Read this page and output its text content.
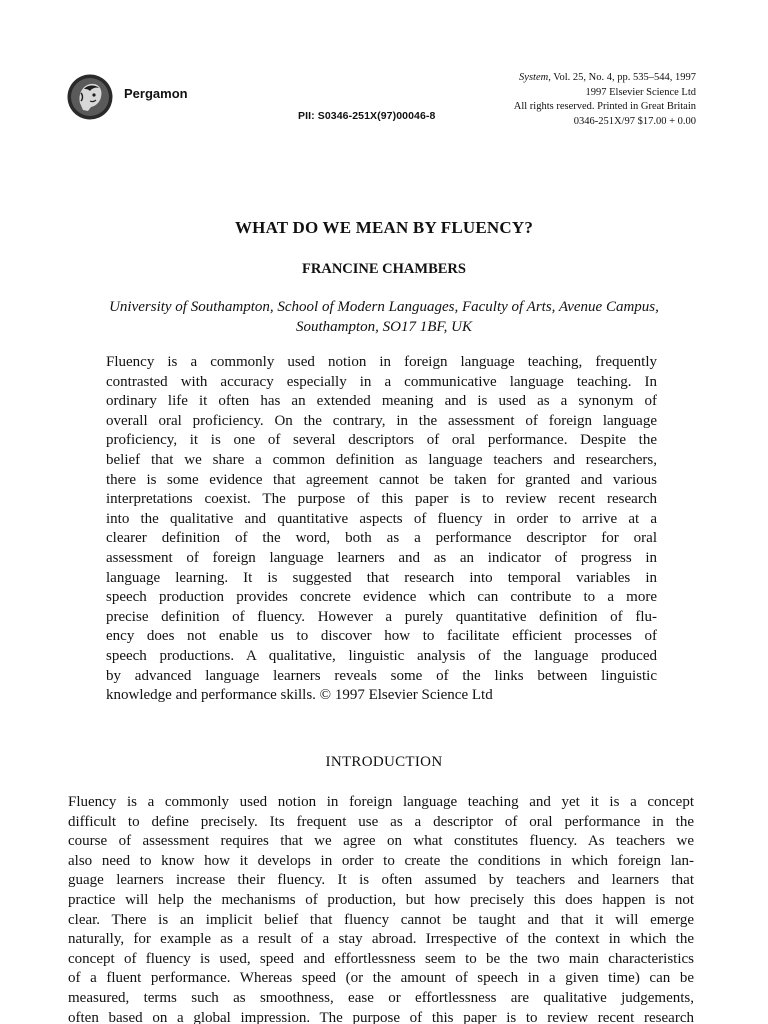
Pergamon
PII: S0346-251X(97)00046-8
System, Vol. 25, No. 4, pp. 535–544, 1997
1997 Elsevier Science Ltd
All rights reserved. Printed in Great Britain
0346-251X/97 $17.00 + 0.00
WHAT DO WE MEAN BY FLUENCY?
FRANCINE CHAMBERS
University of Southampton, School of Modern Languages, Faculty of Arts, Avenue Campus,
Southampton, SO17 1BF, UK
Fluency is a commonly used notion in foreign language teaching, frequently
contrasted with accuracy especially in a communicative language teaching. In
ordinary life it often has an extended meaning and is used as a synonym of
overall oral proficiency. On the contrary, in the assessment of foreign language
proficiency, it is one of several descriptors of oral performance. Despite the
belief that we share a common definition as language teachers and researchers,
there is some evidence that agreement cannot be taken for granted and various
interpretations coexist. The purpose of this paper is to review recent research
into the qualitative and quantitative aspects of fluency in order to arrive at a
clearer definition of the word, both as a performance descriptor for oral
assessment of foreign language learners and as an indicator of progress in
language learning. It is suggested that research into temporal variables in
speech production provides concrete evidence which can contribute to a more
precise definition of fluency. However a purely quantitative definition of flu-
ency does not enable us to discover how to facilitate efficient processes of
speech productions. A qualitative, linguistic analysis of the language produced
by advanced language learners reveals some of the links between linguistic
knowledge and performance skills. © 1997 Elsevier Science Ltd
INTRODUCTION
Fluency is a commonly used notion in foreign language teaching and yet it is a concept
difficult to define precisely. Its frequent use as a descriptor of oral performance in the
course of assessment requires that we agree on what constitutes fluency. As teachers we
also need to know how it develops in order to create the conditions in which foreign lan-
guage learners increase their fluency. It is often assumed by teachers and learners that
practice will help the mechanisms of production, but how precisely this does happen is not
clear. There is an implicit belief that fluency cannot be taught and that it will emerge
naturally, for example as a result of a stay abroad. Irrespective of the context in which the
concept of fluency is used, speed and effortlessness seem to be the two main characteristics
of a fluent performance. Whereas speed (or the amount of speech in a given time) can be
measured, terms such as smoothness, ease or effortlessness are qualitative judgements,
often based on a global impression. The purpose of this paper is to review recent research
